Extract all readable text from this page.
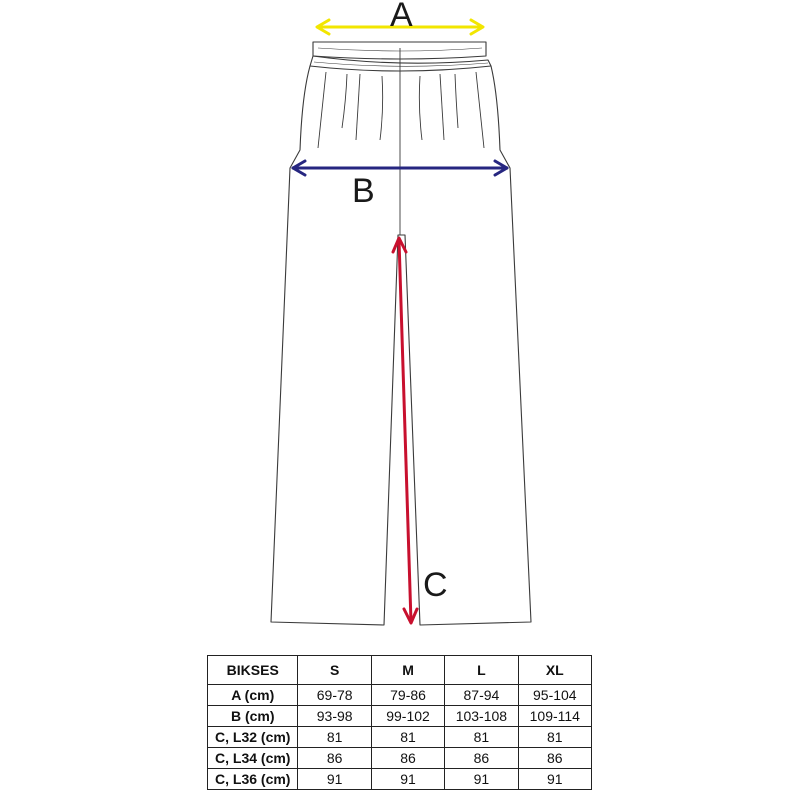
A
B
C
BIKSES	S	M	L	XL
A (cm)	69-78	79-86	87-94	95-104
B (cm)	93-98	99-102	103-108	109-114
C, L32 (cm)	81	81	81	81
C, L34 (cm)	86	86	86	86
C, L36 (cm)	91	91	91	91
